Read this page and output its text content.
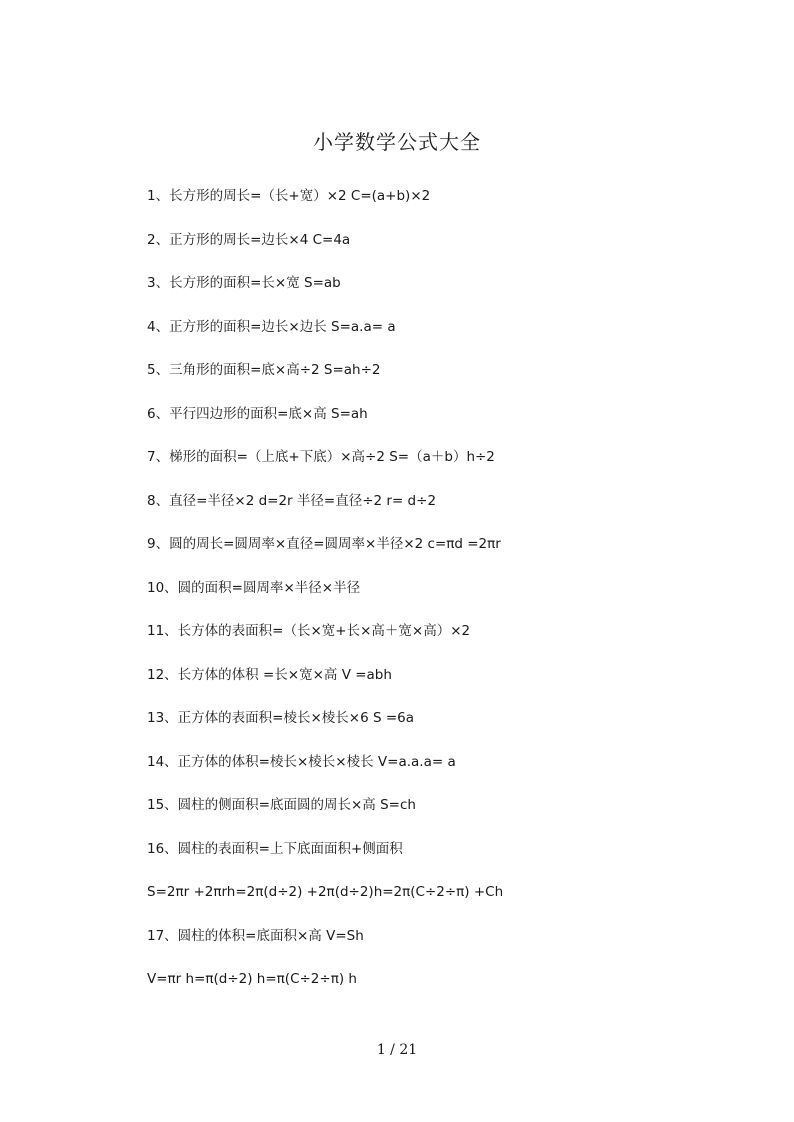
小学数学公式大全
1、长方形的周长=（长+宽）×2 C=(a+b)×2
2、正方形的周长=边长×4 C=4a
3、长方形的面积=长×宽 S=ab
4、正方形的面积=边长×边长 S=a.a= a
5、三角形的面积=底×高÷2 S=ah÷2
6、平行四边形的面积=底×高 S=ah
7、梯形的面积=（上底+下底）×高÷2 S=（a＋b）h÷2
8、直径=半径×2 d=2r 半径=直径÷2 r= d÷2
9、圆的周长=圆周率×直径=圆周率×半径×2 c=πd =2πr
10、圆的面积=圆周率×半径×半径
11、长方体的表面积=（长×宽+长×高＋宽×高）×2
12、长方体的体积 =长×宽×高 V =abh
13、正方体的表面积=棱长×棱长×6 S =6a
14、正方体的体积=棱长×棱长×棱长 V=a.a.a= a
15、圆柱的侧面积=底面圆的周长×高 S=ch
16、圆柱的表面积=上下底面面积+侧面积
S=2πr +2πrh=2π(d÷2) +2π(d÷2)h=2π(C÷2÷π) +Ch
17、圆柱的体积=底面积×高 V=Sh
V=πr h=π(d÷2) h=π(C÷2÷π) h
1 / 21
